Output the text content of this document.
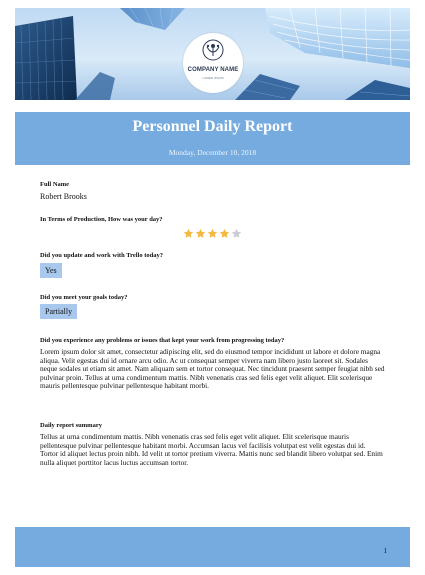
COMPANY NAME
LOREM IPSUM
Personnel Daily Report
Monday, December 10, 2018
Full Name
Robert Brooks
In Terms of Production, How was your day?
Did you update and work with Trello today?
Yes
Did you meet your goals today?
Partially
Did you experience any problems or issues that kept your work from progressing today?
Lorem ipsum dolor sit amet, consectetur adipiscing elit, sed do eiusmod tempor incididunt ut labore et dolore magna aliqua. Velit egestas dui id ornare arcu odio. Ac ut consequat semper viverra nam libero justo laoreet sit. Sodales neque sodales ut etiam sit amet. Nam aliquam sem et tortor consequat. Nec tincidunt praesent semper feugiat nibh sed pulvinar proin. Tellus at urna condimentum mattis. Nibh venenatis cras sed felis eget velit aliquet. Elit scelerisque mauris pellentesque pulvinar pellentesque habitant morbi.
Daily report summary
Tellus at urna condimentum mattis. Nibh venenatis cras sed felis eget velit aliquet. Elit scelerisque mauris pellentesque pulvinar pellentesque habitant morbi. Accumsan lacus vel facilisis volutpat est velit egestas dui id. Tortor id aliquet lectus proin nibh. Id velit ut tortor pretium viverra. Mattis nunc sed blandit libero volutpat sed. Enim nulla aliquet porttitor lacus luctus accumsan tortor.
1
